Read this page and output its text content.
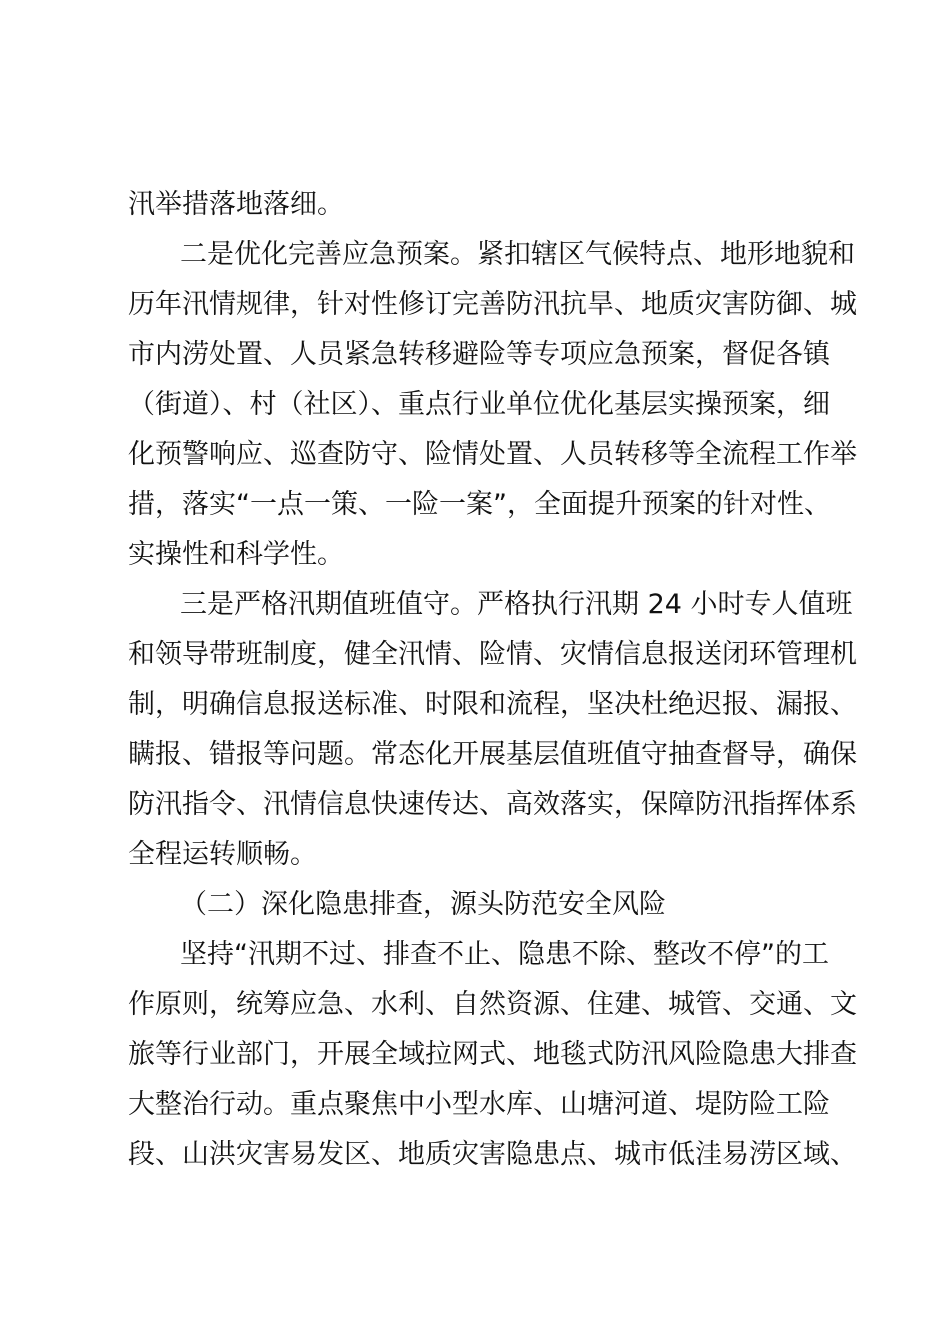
汛举措落地落细。
二是优化完善应急预案。紧扣辖区气候特点、地形地貌和
历年汛情规律，针对性修订完善防汛抗旱、地质灾害防御、城
市内涝处置、人员紧急转移避险等专项应急预案，督促各镇
（街道）、村（社区）、重点行业单位优化基层实操预案，细
化预警响应、巡查防守、险情处置、人员转移等全流程工作举
措，落实“一点一策、一险一案”，全面提升预案的针对性、
实操性和科学性。
三是严格汛期值班值守。严格执行汛期 24 小时专人值班
和领导带班制度，健全汛情、险情、灾情信息报送闭环管理机
制，明确信息报送标准、时限和流程，坚决杜绝迟报、漏报、
瞒报、错报等问题。常态化开展基层值班值守抽查督导，确保
防汛指令、汛情信息快速传达、高效落实，保障防汛指挥体系
全程运转顺畅。
（二）深化隐患排查，源头防范安全风险
坚持“汛期不过、排查不止、隐患不除、整改不停”的工
作原则，统筹应急、水利、自然资源、住建、城管、交通、文
旅等行业部门，开展全域拉网式、地毯式防汛风险隐患大排查
大整治行动。重点聚焦中小型水库、山塘河道、堤防险工险
段、山洪灾害易发区、地质灾害隐患点、城市低洼易涝区域、
